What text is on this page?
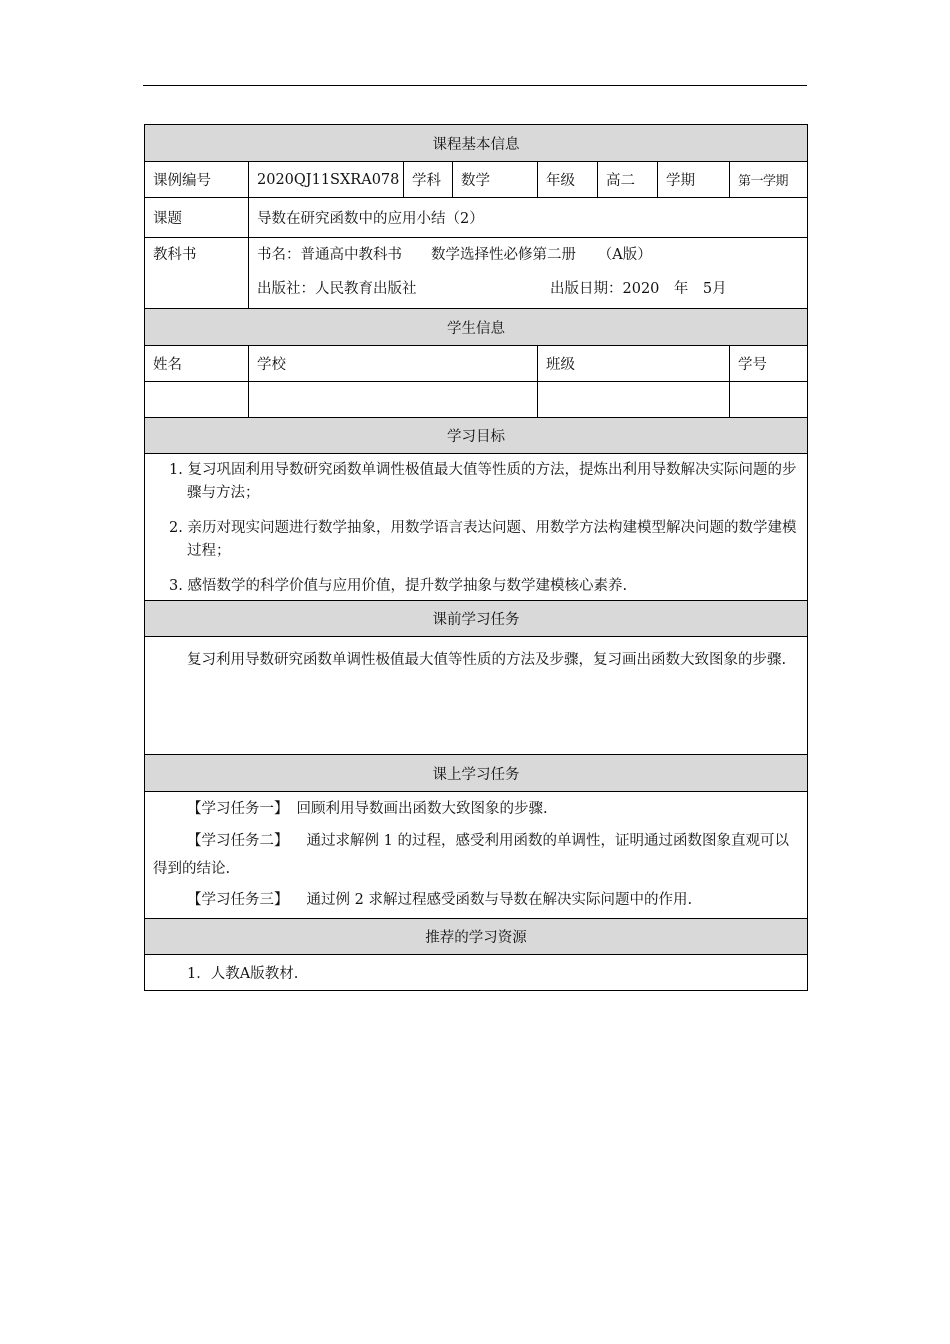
课程基本信息							
课例编号	2020QJ11SXRA078	学科	数学	年级	高二	学期	第一学期
课题	导数在研究函数中的应用小结（2）						
教科书	书名：普通高中教科书　　数学选择性必修第二册　　（A版）
出版社：人民教育出版社 出版日期：2020　年　5月						

学生信息							
姓名	学校			班级			学号

学习目标							

1. 复习巩固利用导数研究函数单调性极值最大值等性质的方法，提炼出利用导数解决实际问题的步骤与方法；
2. 亲历对现实问题进行数学抽象，用数学语言表达问题、用数学方法构建模型解决问题的数学建模过程；
3. 感悟数学的科学价值与应用价值，提升数学抽象与数学建模核心素养.							

课前学习任务							

复习利用导数研究函数单调性极值最大值等性质的方法及步骤，复习画出函数大致图象的步骤.							

课上学习任务							

【学习任务一】 回顾利用导数画出函数大致图象的步骤.
【学习任务二】 通过求解例 1 的过程，感受利用函数的单调性，证明通过函数图象直观可以得到的结论.
【学习任务三】 通过例 2 求解过程感受函数与导数在解决实际问题中的作用.							

推荐的学习资源							
1．人教A版教材.							
